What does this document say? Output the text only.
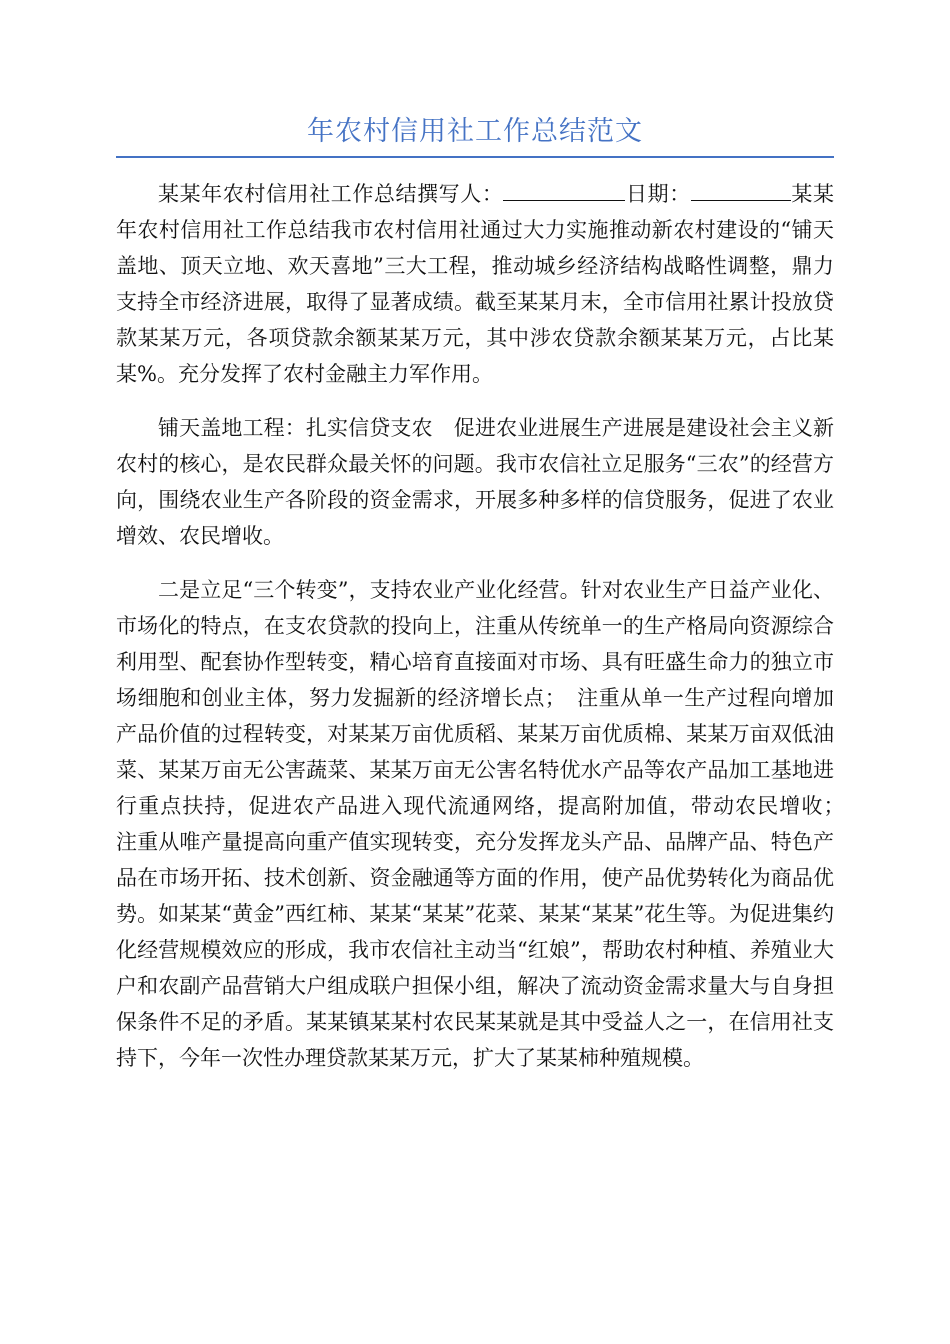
年农村信用社工作总结范文

某某年农村信用社工作总结撰写人：	日期：	某某年农村信用社工作总结我市农村信用社通过大力实施推动新农村建设的“铺天盖地、顶天立地、欢天喜地”三大工程，推动城乡经济结构战略性调整，鼎力支持全市经济进展，取得了显著成绩。截至某某月末，全市信用社累计投放贷款某某万元，各项贷款余额某某万元，其中涉农贷款余额某某万元，占比某某%。充分发挥了农村金融主力军作用。

铺天盖地工程：扎实信贷支农　促进农业进展生产进展是建设社会主义新农村的核心，是农民群众最关怀的问题。我市农信社立足服务“三农”的经营方向，围绕农业生产各阶段的资金需求，开展多种多样的信贷服务，促进了农业增效、农民增收。

二是立足“三个转变”，支持农业产业化经营。针对农业生产日益产业化、市场化的特点，在支农贷款的投向上，注重从传统单一的生产格局向资源综合利用型、配套协作型转变，精心培育直接面对市场、具有旺盛生命力的独立市场细胞和创业主体，努力发掘新的经济增长点；　注重从单一生产过程向增加产品价值的过程转变，对某某万亩优质稻、某某万亩优质棉、某某万亩双低油菜、某某万亩无公害蔬菜、某某万亩无公害名特优水产品等农产品加工基地进行重点扶持，促进农产品进入现代流通网络，提高附加值，带动农民增收；　注重从唯产量提高向重产值实现转变，充分发挥龙头产品、品牌产品、特色产品在市场开拓、技术创新、资金融通等方面的作用，使产品优势转化为商品优势。如某某“黄金”西红柿、某某“某某”花菜、某某“某某”花生等。为促进集约化经营规模效应的形成，我市农信社主动当“红娘”，帮助农村种植、养殖业大户和农副产品营销大户组成联户担保小组，解决了流动资金需求量大与自身担保条件不足的矛盾。某某镇某某村农民某某就是其中受益人之一，在信用社支持下，今年一次性办理贷款某某万元，扩大了某某柿种殖规模。
